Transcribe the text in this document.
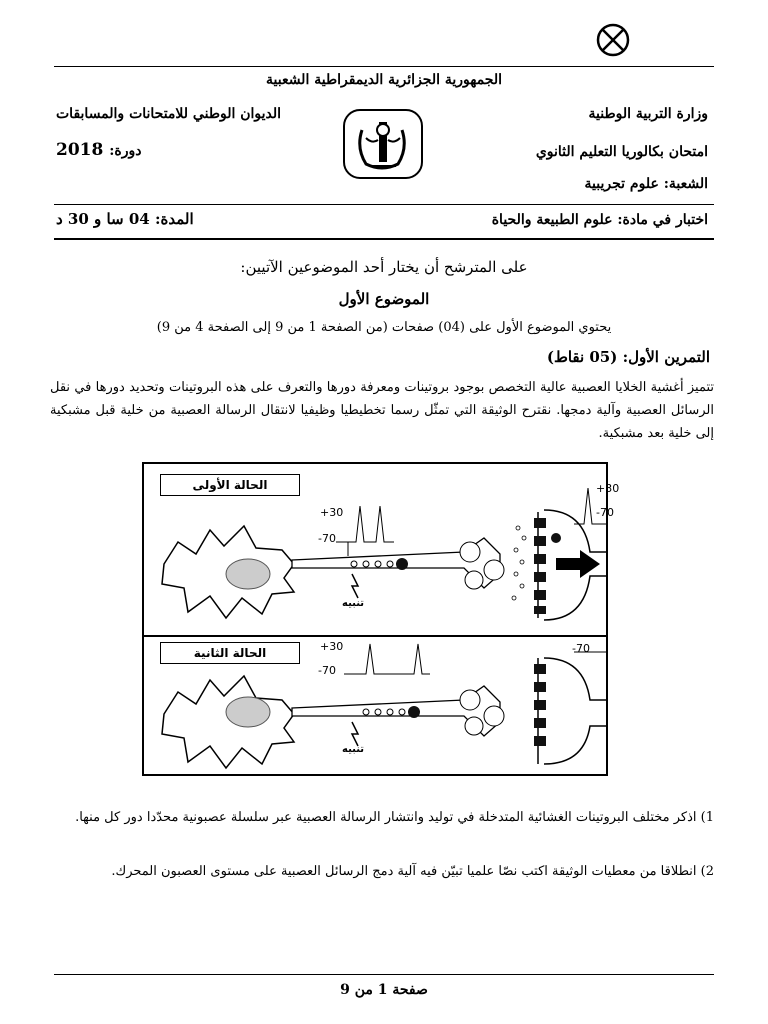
الجمهورية الجزائرية الديمقراطية الشعبية
وزارة التربية الوطنية
الديوان الوطني للامتحانات والمسابقات
امتحان بكالوريا التعليم الثانوي
دورة: 2018
الشعبة: علوم تجريبية
اختبار في مادة: علوم الطبيعة والحياة
المدة: 04 سا و 30 د
على المترشح أن يختار أحد الموضوعين الآتيين:
الموضوع الأول
يحتوي الموضوع الأول على (04) صفحات (من الصفحة 1 من 9 إلى الصفحة 4 من 9)
التمرين الأول: (05 نقاط)
تتميز أغشية الخلايا العصبية عالية التخصص بوجود بروتينات ومعرفة دورها والتعرف على هذه البروتينات وتحديد دورها في نقل الرسائل العصبية وآلية دمجها. نقترح الوثيقة التي تمثّل رسما تخطيطيا وظيفيا لانتقال الرسالة العصبية من خلية قبل مشبكية إلى خلية بعد مشبكية.
الحالة الأولى
الحالة الثانية
+30
-70
+30
-70
تنبيه
+30
-70
-70
تنبيه
1) اذكر مختلف البروتينات الغشائية المتدخلة في توليد وانتشار الرسالة العصبية عبر سلسلة عصبونية محدّدا دور كل منها.
2) انطلاقا من معطيات الوثيقة اكتب نصّا علميا تبيّن فيه آلية دمج الرسائل العصبية على مستوى العصبون المحرك.
صفحة 1 من 9
